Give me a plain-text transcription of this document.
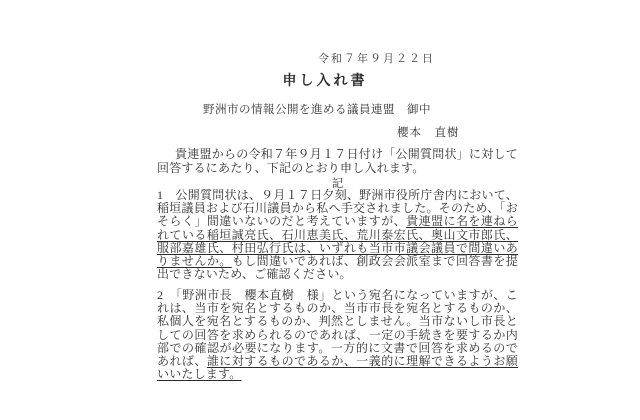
令和７年９月２２日
申し入れ書
野洲市の情報公開を進める議員連盟　御中
櫻本　直樹
貴連盟からの令和７年９月１７日付け「公開質問状」に対して回答するにあたり、下記のとおり申し入れます。
記
1　公開質問状は、９月１７日夕刻、野洲市役所庁舎内において、稲垣議員および石川議員から私へ手交されました。そのため、「おそらく」間違いないのだと考えていますが、貴連盟に名を連ねられている稲垣誠亮氏、石川恵美氏、荒川泰宏氏、奥山文市郎氏、服部嘉雄氏、村田弘行氏は、いずれも当市市議会議員で間違いありませんか。もし間違いであれば、創政会会派室まで回答書を提出できないため、ご確認ください。
2　「野洲市長　櫻本直樹　様」という宛名になっていますが、これは、当市を宛名とするものか、当市市長を宛名とするものか、私個人を宛名とするものか、判然としません。当市ないし市長としての回答を求められるのであれば、一定の手続きを要するか内部での確認が必要になります。一方的に文書で回答を求めるのであれば、誰に対するものであるか、一義的に理解できるようお願いいたします。
